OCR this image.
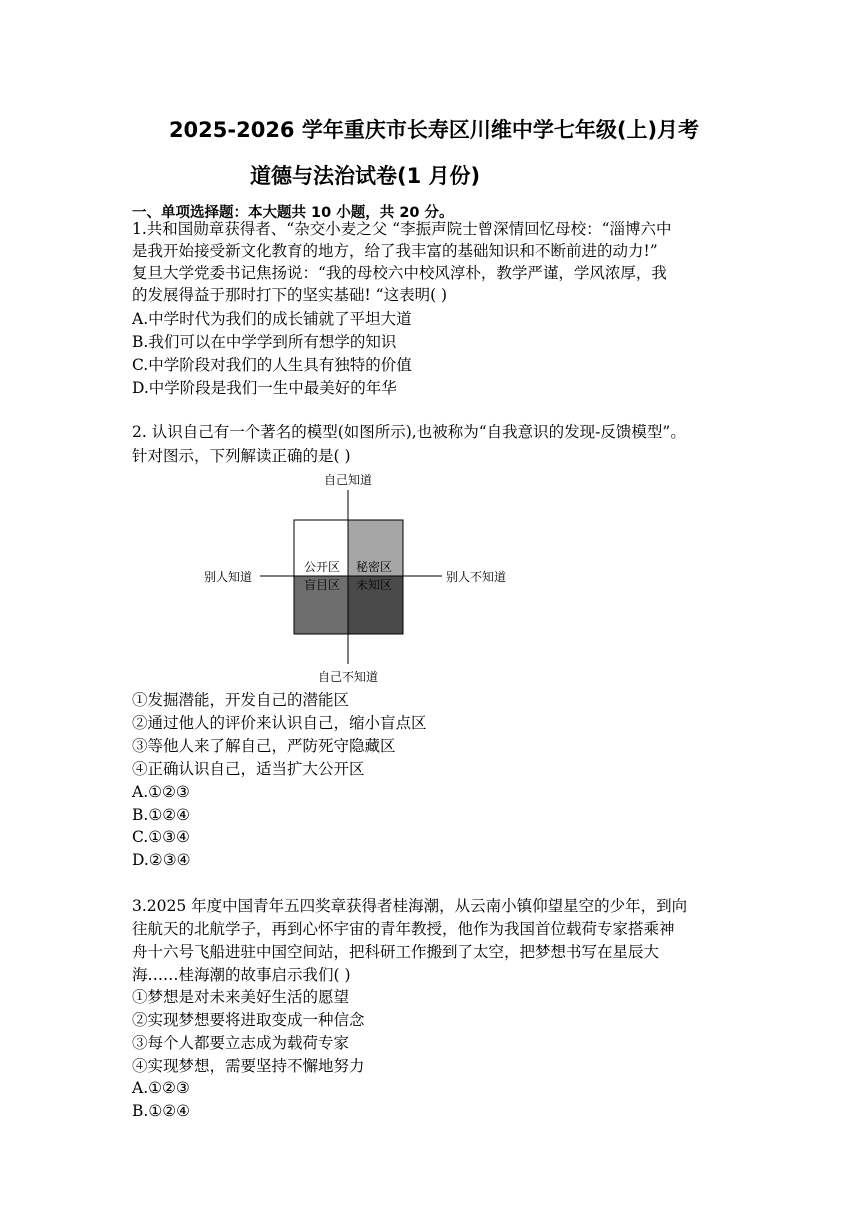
2025-2026 学年重庆市长寿区川维中学七年级(上)月考
道德与法治试卷(1 月份)
一、单项选择题：本大题共 10 小题，共 20 分。
1.共和国勋章获得者、“杂交小麦之父 “李振声院士曾深情回忆母校：“淄博六中
是我开始接受新文化教育的地方，给了我丰富的基础知识和不断前进的动力!”
复旦大学党委书记焦扬说：“我的母校六中校风淳朴，教学严谨，学风浓厚，我
的发展得益于那时打下的坚实基础! “这表明( )
A.中学时代为我们的成长铺就了平坦大道
B.我们可以在中学学到所有想学的知识
C.中学阶段对我们的人生具有独特的价值
D.中学阶段是我们一生中最美好的年华
2. 认识自己有一个著名的模型(如图所示),也被称为“自我意识的发现-反馈模型”。
针对图示，下列解读正确的是( )
自己知道
自己不知道
别人知道	别人不知道
公开区 秘密区
盲目区 未知区
①发掘潜能，开发自己的潜能区
②通过他人的评价来认识自己，缩小盲点区
③等他人来了解自己，严防死守隐藏区
④正确认识自己，适当扩大公开区
A.①②③
B.①②④
C.①③④
D.②③④
3.2025 年度中国青年五四奖章获得者桂海潮，从云南小镇仰望星空的少年，到向
往航天的北航学子，再到心怀宇宙的青年教授，他作为我国首位载荷专家搭乘神
舟十六号飞船进驻中国空间站，把科研工作搬到了太空，把梦想书写在星辰大
海……桂海潮的故事启示我们( )
①梦想是对未来美好生活的愿望
②实现梦想要将进取变成一种信念
③每个人都要立志成为载荷专家
④实现梦想，需要坚持不懈地努力
A.①②③
B.①②④
